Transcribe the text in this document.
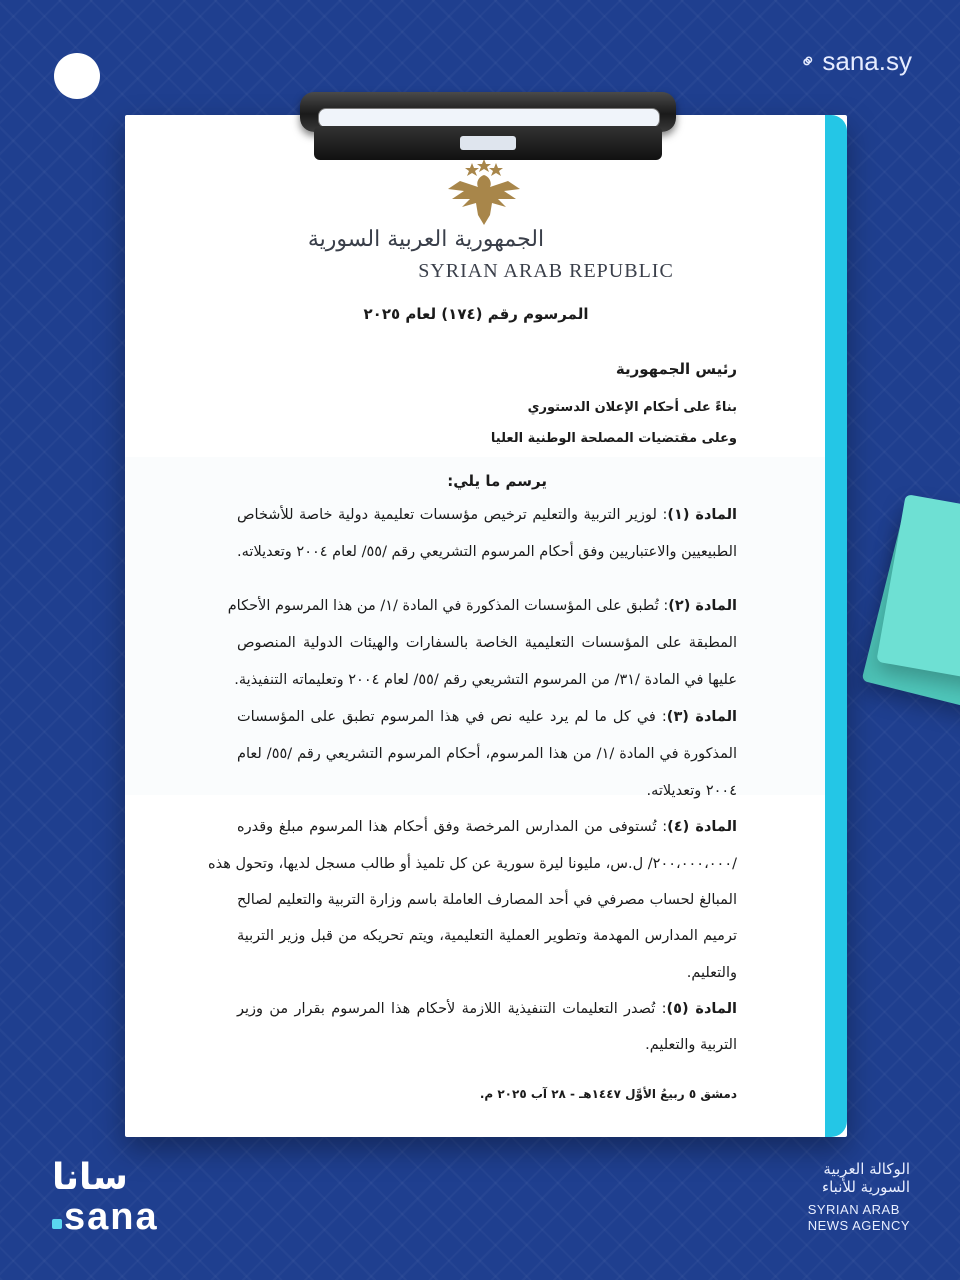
⚭ sana.sy
الجمهورية العربية السورية
SYRIAN ARAB REPUBLIC
المرسوم رقم (١٧٤) لعام ٢٠٢٥
رئيس الجمهورية
بناءً على أحكام الإعلان الدستوري
وعلى مقتضيات المصلحة الوطنية العليا
يرسم ما يلي:
المادة (١): لوزير التربية والتعليم ترخيص مؤسسات تعليمية دولية خاصة للأشخاص
الطبيعيين والاعتباريين وفق أحكام المرسوم التشريعي رقم /٥٥/ لعام ٢٠٠٤ وتعديلاته.
المادة (٢): تُطبق على المؤسسات المذكورة في المادة /١/ من هذا المرسوم الأحكام
المطبقة على المؤسسات التعليمية الخاصة بالسفارات والهيئات الدولية المنصوص
عليها في المادة /٣١/ من المرسوم التشريعي رقم /٥٥/ لعام ٢٠٠٤ وتعليماته التنفيذية.
المادة (٣): في كل ما لم يرد عليه نص في هذا المرسوم تطبق على المؤسسات
المذكورة في المادة /١/ من هذا المرسوم، أحكام المرسوم التشريعي رقم /٥٥/ لعام
٢٠٠٤ وتعديلاته.
المادة (٤): تُستوفى من المدارس المرخصة وفق أحكام هذا المرسوم مبلغ وقدره
/٢٠٠،٠٠٠،٠٠٠/ ل.س، مليونا ليرة سورية عن كل تلميذ أو طالب مسجل لديها، وتحول هذه
المبالغ لحساب مصرفي في أحد المصارف العاملة باسم وزارة التربية والتعليم لصالح
ترميم المدارس المهدمة وتطوير العملية التعليمية، ويتم تحريكه من قبل وزير التربية
والتعليم.
المادة (٥): تُصدر التعليمات التنفيذية اللازمة لأحكام هذا المرسوم بقرار من وزير
التربية والتعليم.
دمشق ٥ ربيعُ الأوَّل ١٤٤٧هـ - ٢٨ آب ٢٠٢٥ م.
سانا
sana
الوكالة العربية
السورية للأنباء
SYRIAN ARAB
NEWS AGENCY
